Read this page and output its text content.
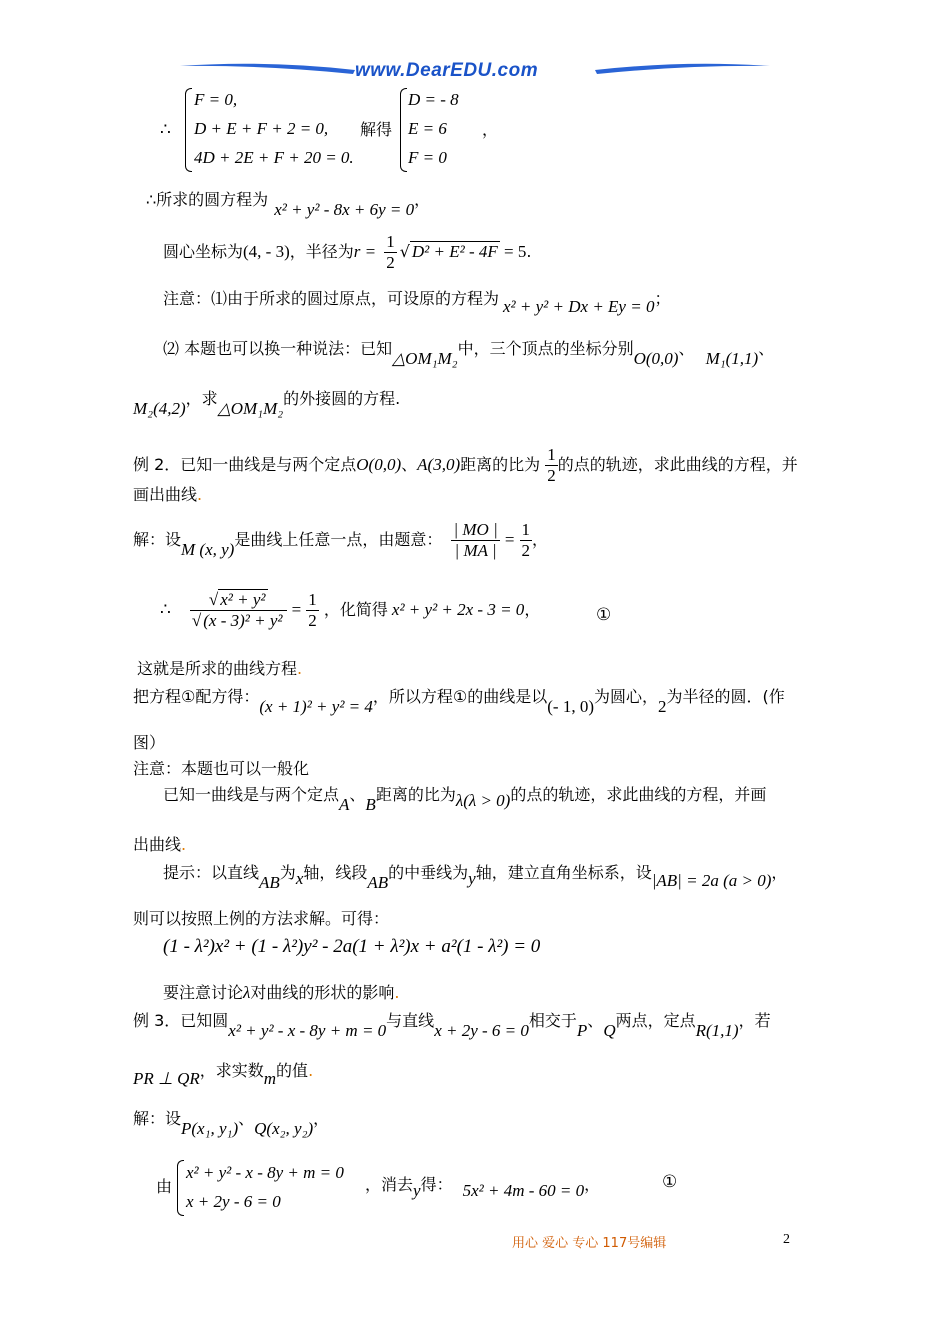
www.DearEDU.com
∴
F = 0,
D + E + F + 2 = 0,
4D + 2E + F + 20 = 0.
解得
D = - 8
E = 6
F = 0
，
∴所求的圆方程为x² + y² - 8x + 6y = 0，
圆心坐标为(4, - 3)，半径为$r = \frac{1}{2}$ √ D² + E² - 4F = 5.
注意：⑴由于所求的圆过原点，可设原的方程为 x² + y² + Dx + Ey = 0；
⑵ 本题也可以换一种说法：已知△OM₁M₂中，三个顶点的坐标分别O(0,0)、 M₁(1,1)、
M₂(4,2)，求△OM₁M₂的外接圆的方程.
例 2．已知一曲线是与两个定点O(0,0)、A(3,0)距离的比为 $\frac{1}{2}$ 的点的轨迹，求此曲线的方程，并
画出曲线.
解：设M (x, y)是曲线上任意一点，由题意： $\frac{| MO |}{| MA |} = \frac{1}{2}$ ，
∴ $\frac{\text{√ x² + y²}}{\text{√ (x - 3)² + y²}} = \frac{1}{2}$ ，化简得 x² + y² + 2x - 3 = 0，	①
这就是所求的曲线方程.
把方程①配方得：(x + 1)² + y² = 4，所以方程①的曲线是以(- 1, 0)为圆心，2为半径的圆．(作
图）
注意：本题也可以一般化
已知一曲线是与两个定点A、B距离的比为λ(λ > 0)的点的轨迹，求此曲线的方程，并画
出曲线.
提示：以直线AB为x轴，线段AB的中垂线为y轴，建立直角坐标系，设|AB| = 2a (a > 0)，
则可以按照上例的方法求解。可得：
(1 - λ²)x² + (1 - λ²)y² - 2a(1 + λ²)x + a²(1 - λ²) = 0
要注意讨论λ对曲线的形状的影响.
例 3．已知圆x² + y² - x - 8y + m = 0与直线x + 2y - 6 = 0相交于P、Q两点，定点R(1,1)，若
PR ⊥ QR，求实数m的值.
解：设P(x₁, y₁)、Q(x₂, y₂)，
由
x² + y² - x - 8y + m = 0
x + 2y - 6 = 0
，消去y得： 5x² + 4m - 60 = 0，	①
用心 爱心 专心 117号编辑	2
